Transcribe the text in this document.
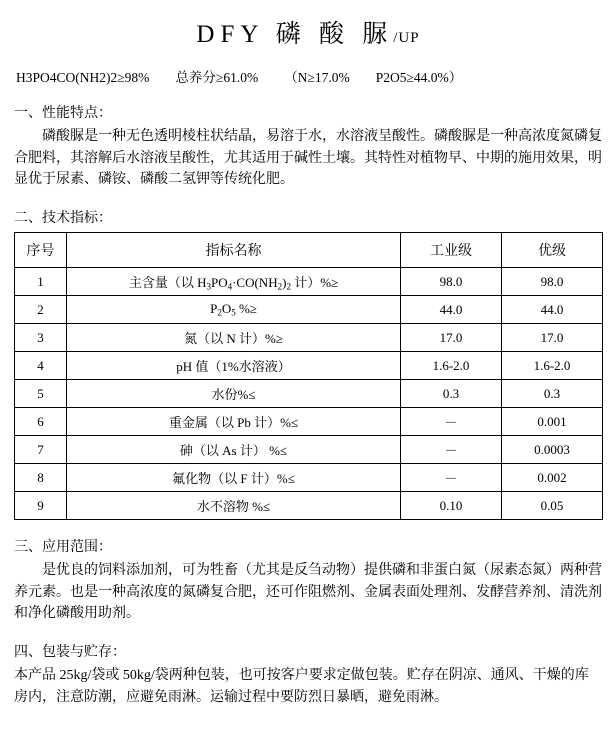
DFY 磷 酸 脲/UP
H3PO4CO(NH2)2≥98% 总养分≥61.0% （N≥17.0% P2O5≥44.0%）
一、性能特点：

磷酸脲是一种无色透明棱柱状结晶，易溶于水，水溶液呈酸性。磷酸脲是一种高浓度氮磷复合肥料，其溶解后水溶液呈酸性，尤其适用于碱性土壤。其特性对植物早、中期的施用效果，明显优于尿素、磷铵、磷酸二氢钾等传统化肥。

二、技术指标：
序号	指标名称	工业级	优级
1	主含量（以 $H_3PO_4\cdot CO(NH_2)_2$ 计）%≥	98.0	98.0
2	$P_2O_5$ %≥	44.0	44.0
3	氮（以 N 计）%≥	17.0	17.0
4	pH 值（1%水溶液）	1.6-2.0	1.6-2.0
5	水份%≤	0.3	0.3
6	重金属（以 Pb 计）%≤	－	0.001
7	砷（以 As 计） %≤	－	0.0003
8	氟化物（以 F 计）%≤	－	0.002
9	水不溶物 %≤	0.10	0.05
三、应用范围：

是优良的饲料添加剂，可为牲畜（尤其是反刍动物）提供磷和非蛋白氮（尿素态氮）两种营养元素。也是一种高浓度的氮磷复合肥，还可作阻燃剂、金属表面处理剂、发酵营养剂、清洗剂和净化磷酸用助剂。

四、包装与贮存：

本产品 25kg/袋或 50kg/袋两种包装，也可按客户要求定做包装。贮存在阴凉、通风、干燥的库房内，注意防潮，应避免雨淋。运输过程中要防烈日暴晒，避免雨淋。
